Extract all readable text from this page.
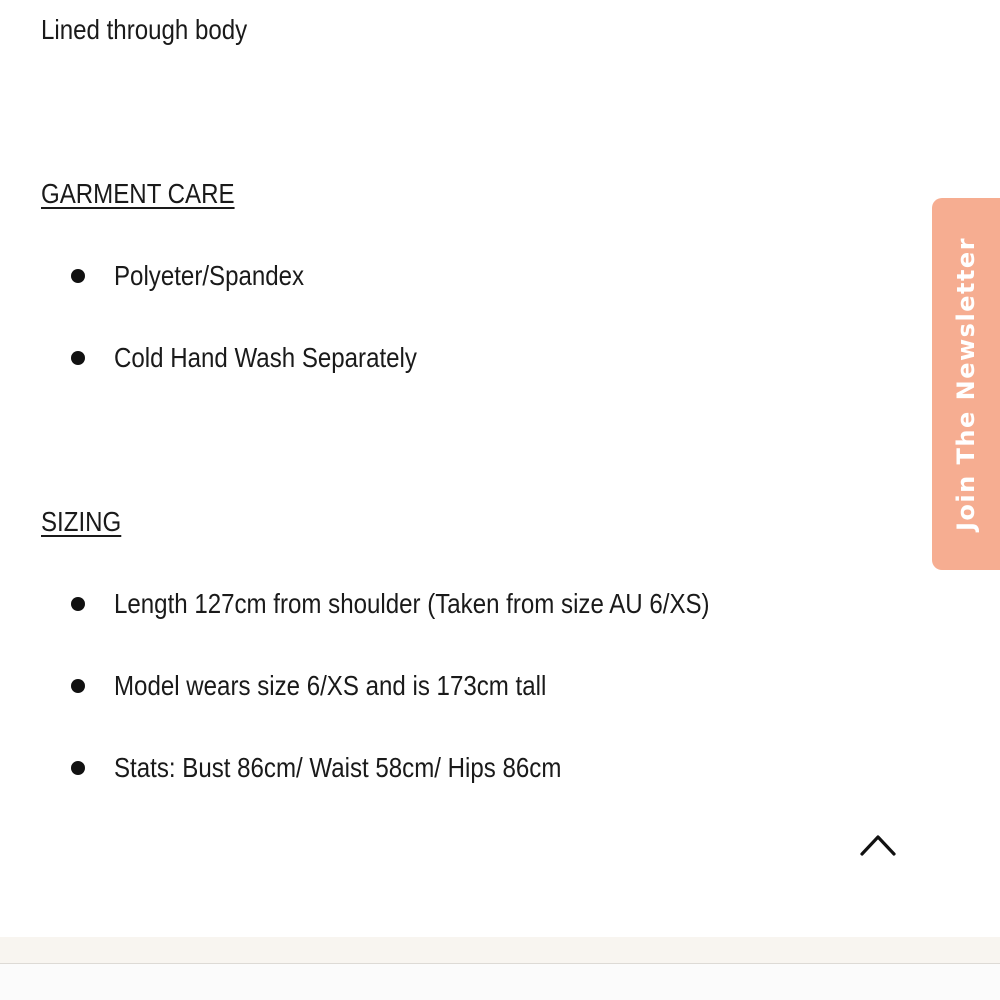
Lined through body
GARMENT CARE
Polyeter/Spandex
Cold Hand Wash Separately
SIZING
Length 127cm from shoulder (Taken from size AU 6/XS)
Model wears size 6/XS and is 173cm tall
Stats: Bust 86cm/ Waist 58cm/ Hips 86cm
Join The Newsletter
